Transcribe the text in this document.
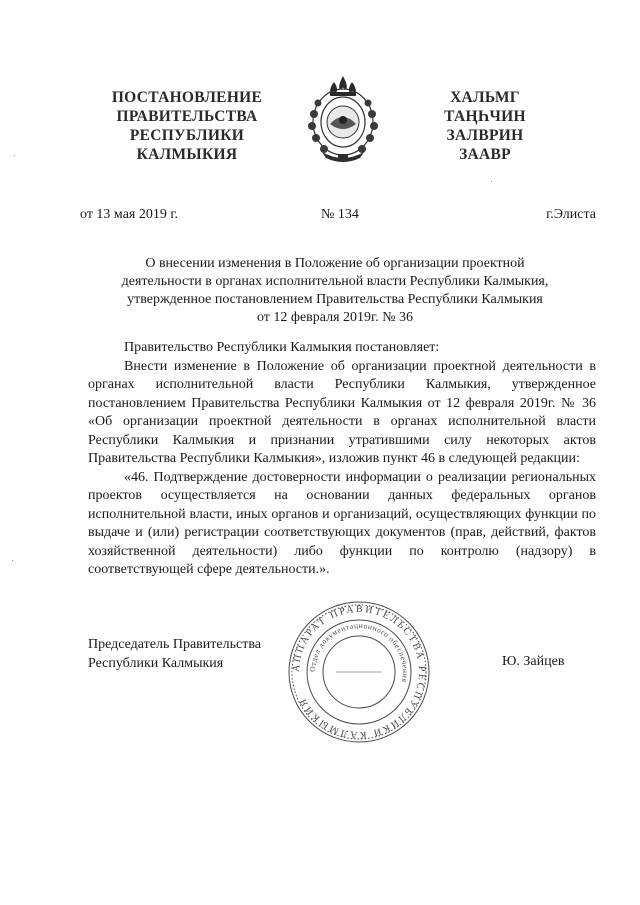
ПОСТАНОВЛЕНИЕ
ПРАВИТЕЛЬСТВА
РЕСПУБЛИКИ
КАЛМЫКИЯ
ХАЛЬМГ
ТАҢҺЧИН
ЗАЛВРИН
ЗААВР
от 13 мая 2019 г.	№ 134	г.Элиста
О внесении изменения в Положение об организации проектной
деятельности в органах исполнительной власти Республики Калмыкия,
утвержденное постановлением Правительства Республики Калмыкия
от 12 февраля 2019г. № 36

Правительство Республики Калмыкия постановляет:

Внести изменение в Положение об организации проектной деятельности в органах исполнительной власти Республики Калмыкия, утвержденное постановлением Правительства Республики Калмыкия от 12 февраля 2019г. № 36 «Об организации проектной деятельности в органах исполнительной власти Республики Калмыкия и признании утратившими силу некоторых актов Правительства Республики Калмыкия», изложив пункт 46 в следующей редакции:

«46. Подтверждение достоверности информации о реализации региональных проектов осуществляется на основании данных федеральных органов исполнительной власти, иных органов и организаций, осуществляющих функции по выдаче и (или) регистрации соответствующих документов (прав, действий, фактов хозяйственной деятельности) либо функции по контролю (надзору) в соответствующей сфере деятельности.».

Председатель Правительства
Республики Калмыкия	Ю. Зайцев
АППАРАТ ПРАВИТЕЛЬСТВА РЕСПУБЛИКИ КАЛМЫКИЯ
Отдел документационного обеспечения
